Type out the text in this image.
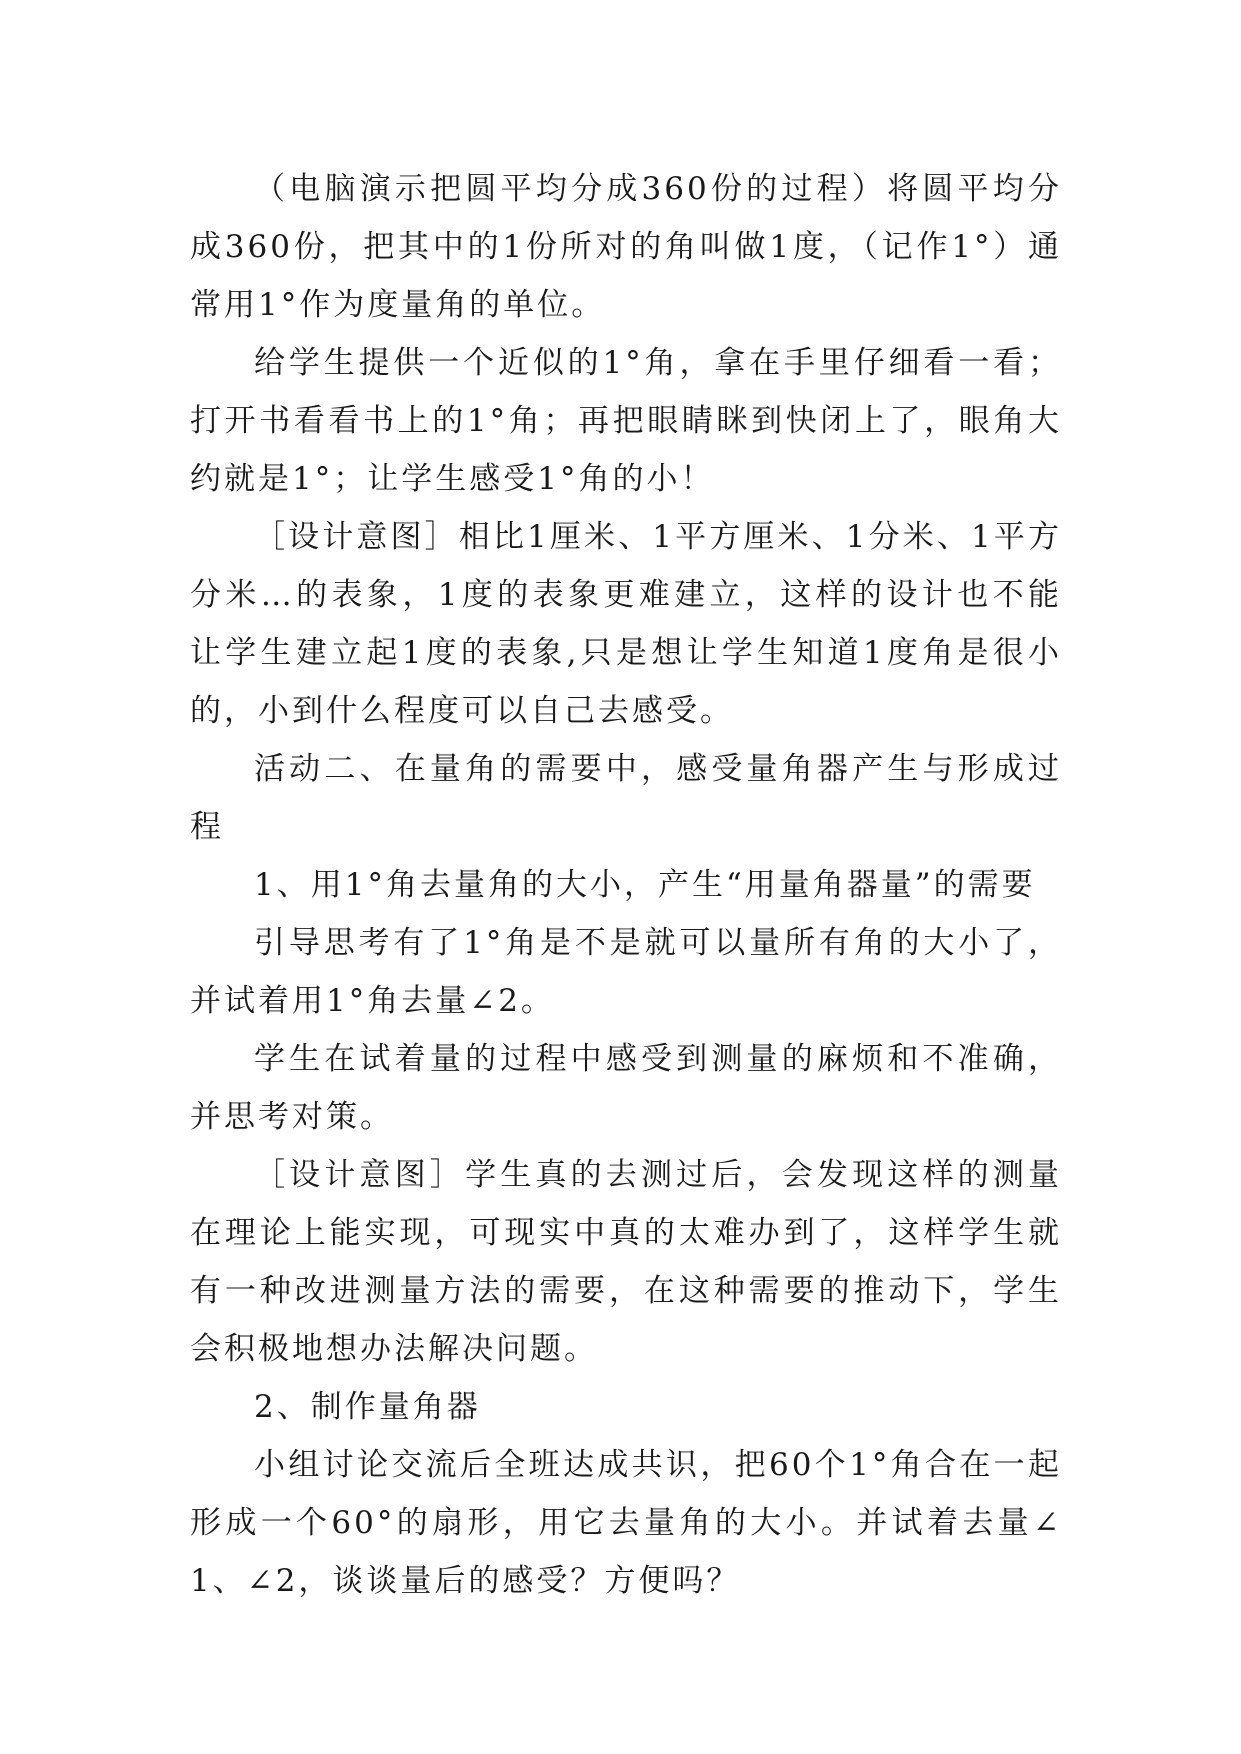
（电脑演示把圆平均分成360份的过程）将圆平均分成360份，把其中的1份所对的角叫做1度，（记作1°）通常用1°作为度量角的单位。

给学生提供一个近似的1°角，拿在手里仔细看一看；打开书看看书上的1°角；再把眼睛眯到快闭上了，眼角大约就是1°；让学生感受1°角的小！

［设计意图］相比1厘米、1平方厘米、1分米、1平方分米…的表象，1度的表象更难建立，这样的设计也不能让学生建立起1度的表象,只是想让学生知道1度角是很小的，小到什么程度可以自己去感受。

活动二、在量角的需要中，感受量角器产生与形成过程

1、用1°角去量角的大小，产生“用量角器量”的需要

引导思考有了1°角是不是就可以量所有角的大小了，并试着用1°角去量∠2。

学生在试着量的过程中感受到测量的麻烦和不准确，并思考对策。

［设计意图］学生真的去测过后，会发现这样的测量在理论上能实现，可现实中真的太难办到了，这样学生就有一种改进测量方法的需要，在这种需要的推动下，学生会积极地想办法解决问题。

2、制作量角器

小组讨论交流后全班达成共识，把60个1°角合在一起形成一个60°的扇形，用它去量角的大小。并试着去量∠1、∠2，谈谈量后的感受？方便吗？
